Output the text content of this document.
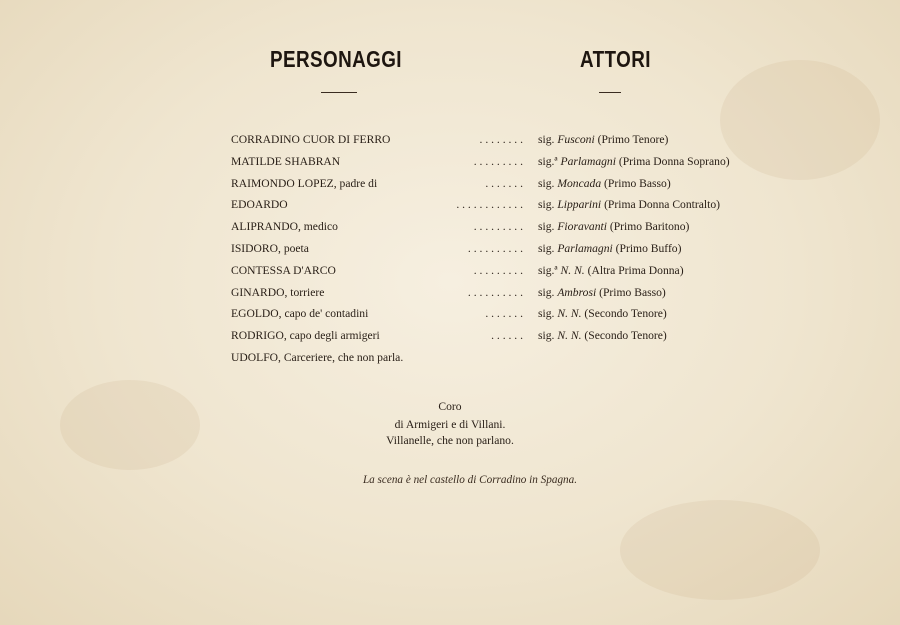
PERSONAGGI	ATTORI
CORRADINO CUOR DI FERRO	. . . . . . . . sig. Fusconi (Primo Tenore)
MATILDE SHABRAN	. . . . . . . . . sig.ª Parlamagni (Prima Donna Soprano)
RAIMONDO LOPEZ, padre di	. . . . . . . sig. Moncada (Primo Basso)
EDOARDO	. . . . . . . . . . . . sig. Lipparini (Prima Donna Contralto)
ALIPRANDO, medico	. . . . . . . . . sig. Fioravanti (Primo Baritono)
ISIDORO, poeta	. . . . . . . . . . sig. Parlamagni (Primo Buffo)
CONTESSA D'ARCO	. . . . . . . . . sig.ª N. N. (Altra Prima Donna)
GINARDO, torriere	. . . . . . . . . . sig. Ambrosi (Primo Basso)
EGOLDO, capo de' contadini	. . . . . . . sig. N. N. (Secondo Tenore)
RODRIGO, capo degli armigeri	. . . . . . sig. N. N. (Secondo Tenore)
UDOLFO, Carceriere, che non parla.
Coro
di Armigeri e di Villani.
Villanelle, che non parlano.
La scena è nel castello di Corradino in Spagna.
